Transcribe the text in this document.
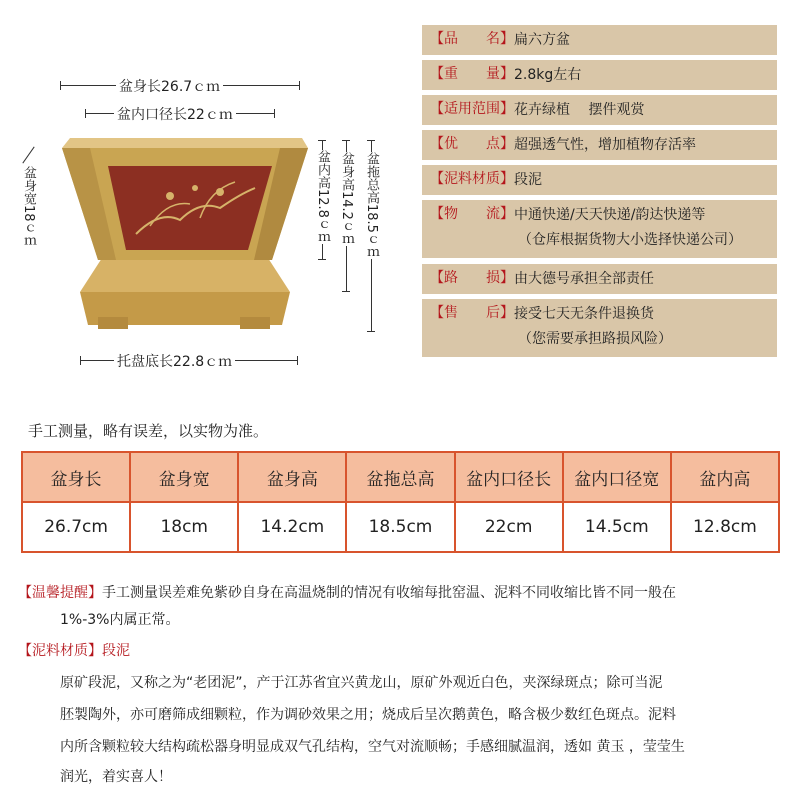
盆身长26.7ｃｍ
盆内口径长22ｃｍ
托盘底长22.8ｃｍ
盆身宽18ｃｍ	盆内高12.8ｃｍ 盆身高14.2ｃｍ 盆拖总高18.5ｃｍ
【品　　名】 扁六方盆
【重　　量】 2.8kg左右
【适用范围】 花卉绿植　 摆件观赏
【优　　点】 超强透气性，增加植物存活率
【泥料材质】 段泥
【物　　流】 中通快递/天天快递/韵达快递等
（仓库根据货物大小选择快递公司）
【路　　损】 由大德号承担全部责任
【售　　后】 接受七天无条件退换货
（您需要承担路损风险）
手工测量，略有误差，以实物为准。
盆身长	盆身宽	盆身高	盆拖总高	盆内口径长	盆内口径宽	盆内高
26.7cm	18cm	14.2cm	18.5cm	22cm	14.5cm	12.8cm
【温馨提醒】手工测量误差难免紫砂自身在高温烧制的情况有收缩每批窑温、泥料不同收缩比皆不同一般在
1%-3%内属正常。
【泥料材质】段泥
原矿段泥，又称之为“老团泥”，产于江苏省宜兴黄龙山，原矿外观近白色，夹深绿斑点；除可当泥
胚製陶外，亦可磨筛成细颗粒，作为调砂效果之用；烧成后呈次鹅黄色，略含极少数红色斑点。泥料
内所含颗粒较大结构疏松器身明显成双气孔结构，空气对流顺畅；手感细腻温润，透如 黄玉 ，莹莹生
润光，着实喜人！
